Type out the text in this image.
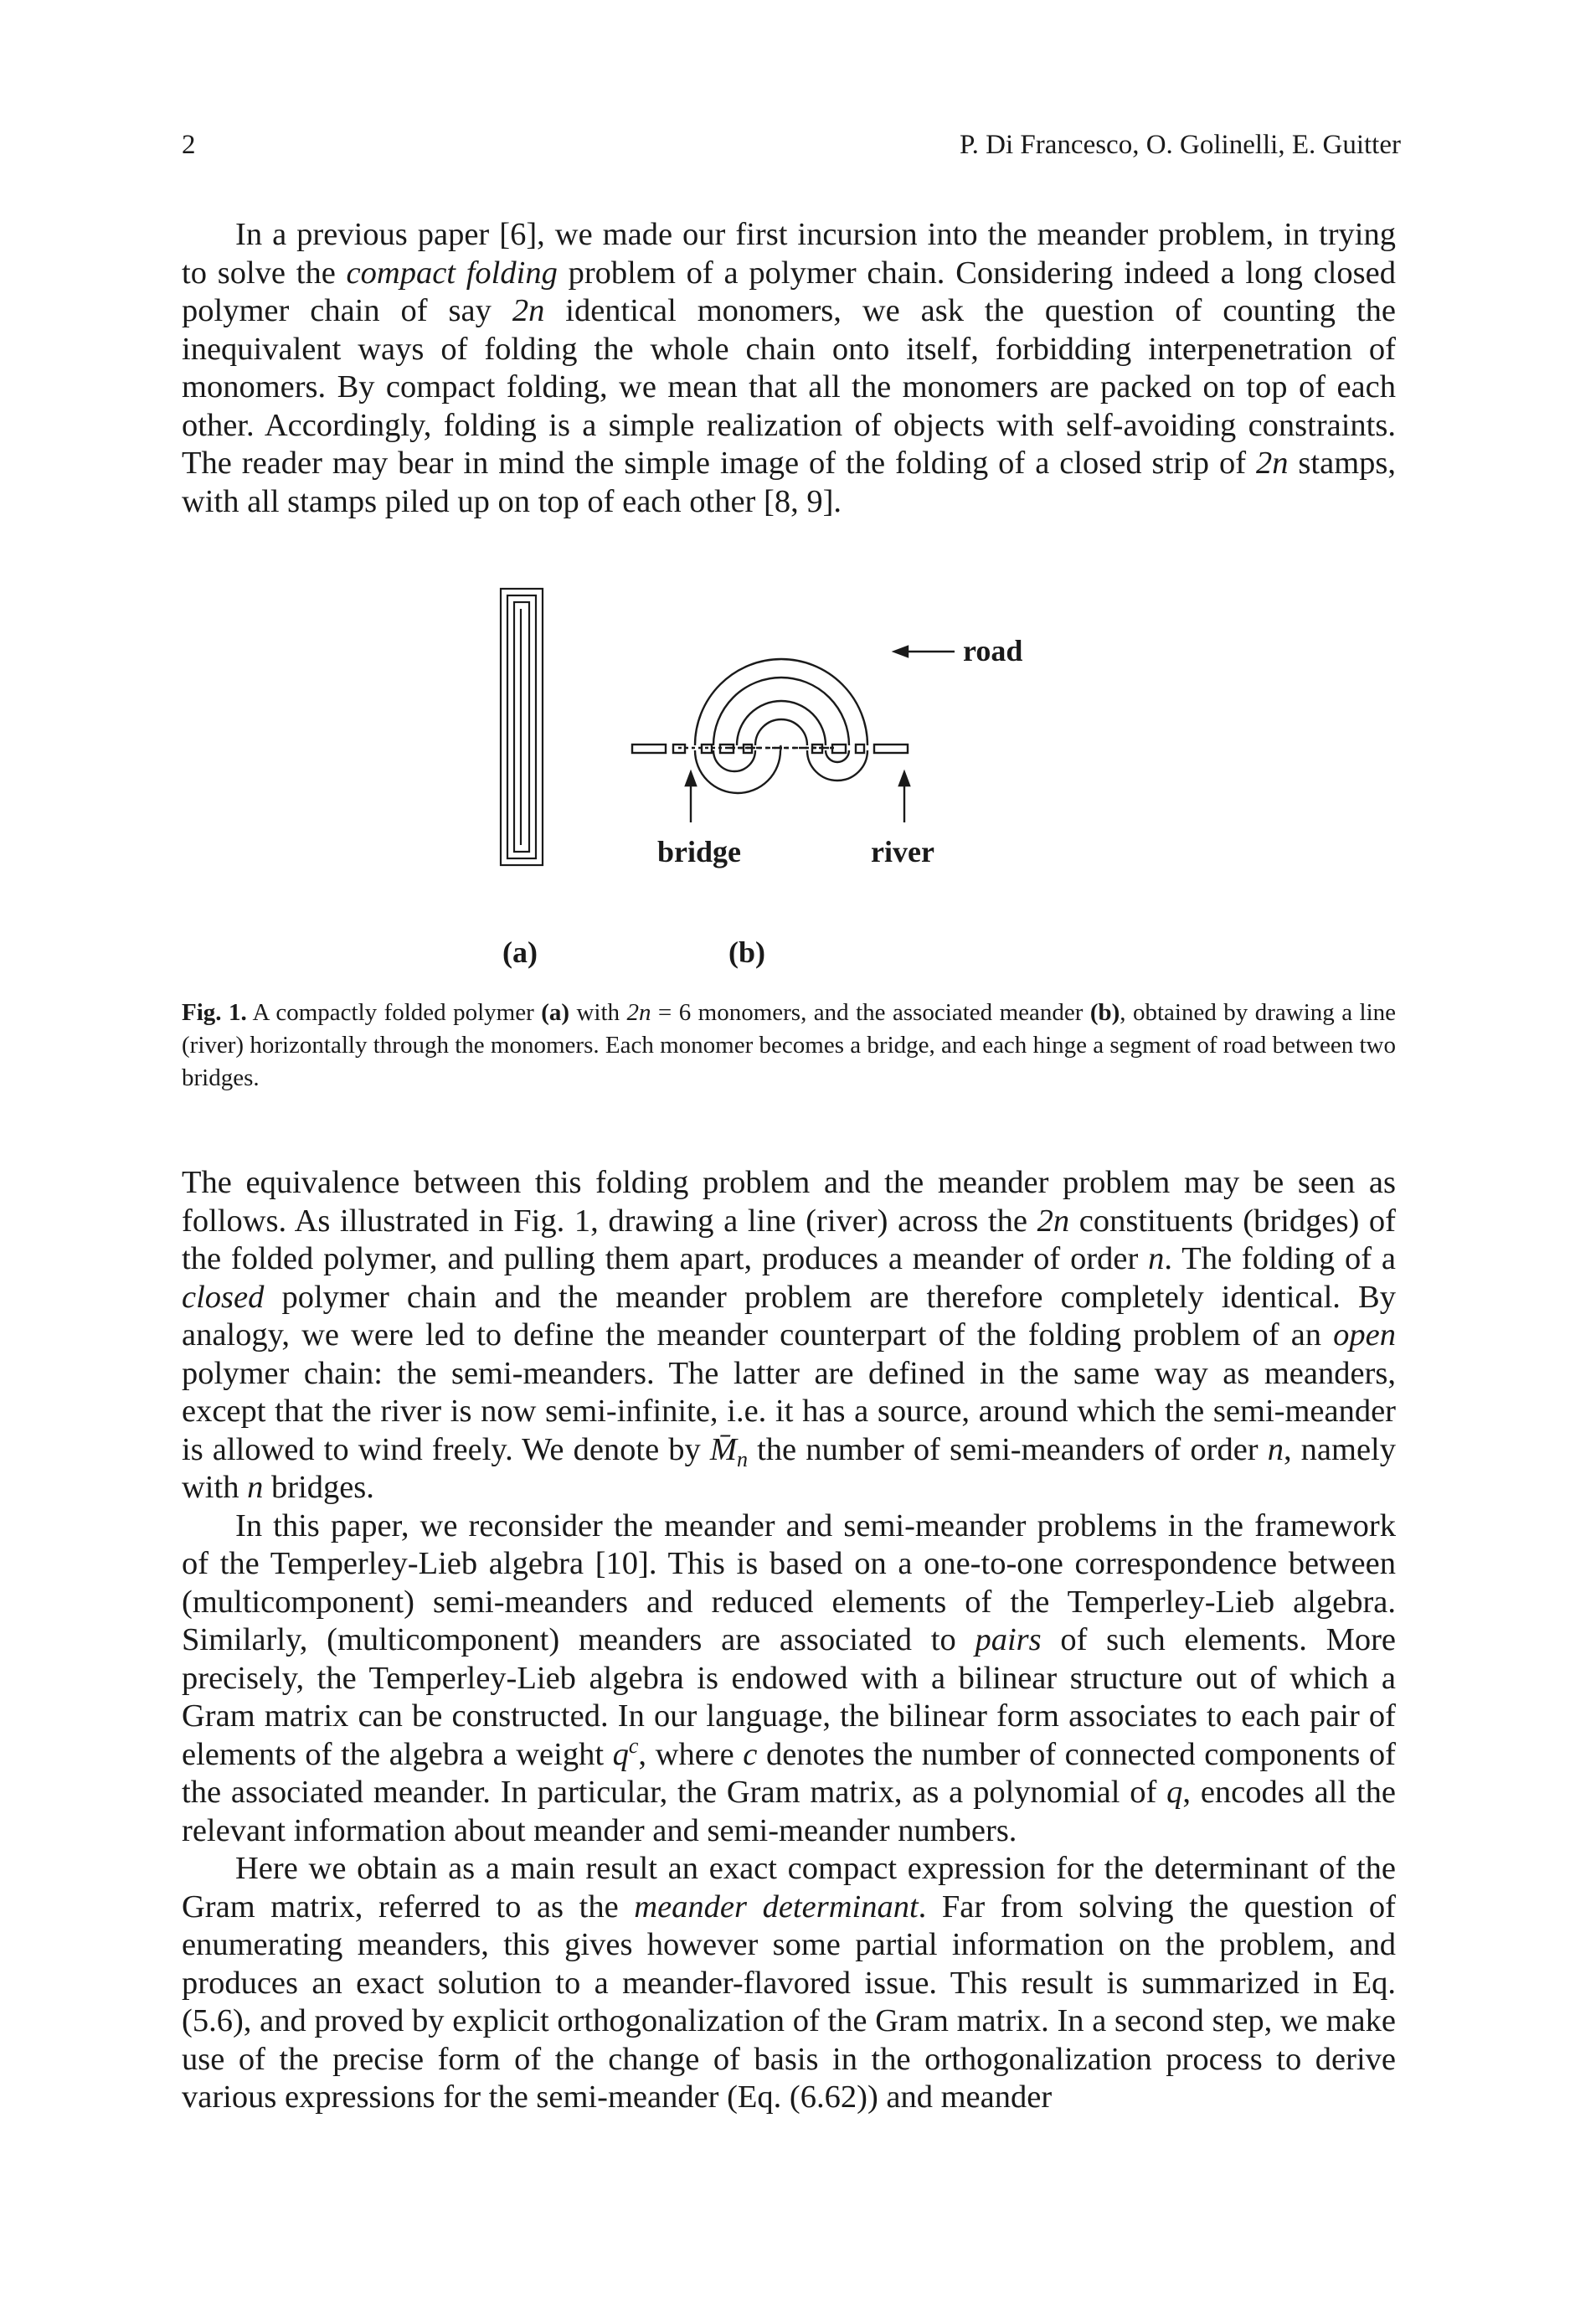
2	P. Di Francesco, O. Golinelli, E. Guitter

In a previous paper [6], we made our first incursion into the meander problem, in trying to solve the compact folding problem of a polymer chain. Considering indeed a long closed polymer chain of say 2n identical monomers, we ask the question of counting the inequivalent ways of folding the whole chain onto itself, forbidding interpenetration of monomers. By compact folding, we mean that all the monomers are packed on top of each other. Accordingly, folding is a simple realization of objects with self-avoiding constraints. The reader may bear in mind the simple image of the folding of a closed strip of 2n stamps, with all stamps piled up on top of each other [8, 9].

road
bridge	river
(a)	(b)

Fig. 1. A compactly folded polymer (a) with 2n = 6 monomers, and the associated meander (b), obtained by drawing a line (river) horizontally through the monomers. Each monomer becomes a bridge, and each hinge a segment of road between two bridges.

The equivalence between this folding problem and the meander problem may be seen as follows. As illustrated in Fig. 1, drawing a line (river) across the 2n constituents (bridges) of the folded polymer, and pulling them apart, produces a meander of order n. The folding of a closed polymer chain and the meander problem are therefore completely identical. By analogy, we were led to define the meander counterpart of the folding problem of an open polymer chain: the semi-meanders. The latter are defined in the same way as meanders, except that the river is now semi-infinite, i.e. it has a source, around which the semi-meander is allowed to wind freely. We denote by $M̄_n$ the number of semi-meanders of order n, namely with n bridges.

In this paper, we reconsider the meander and semi-meander problems in the framework of the Temperley-Lieb algebra [10]. This is based on a one-to-one correspondence between (multicomponent) semi-meanders and reduced elements of the Temperley-Lieb algebra. Similarly, (multicomponent) meanders are associated to pairs of such elements. More precisely, the Temperley-Lieb algebra is endowed with a bilinear structure out of which a Gram matrix can be constructed. In our language, the bilinear form associates to each pair of elements of the algebra a weight $q^c$, where c denotes the number of connected components of the associated meander. In particular, the Gram matrix, as a polynomial of q, encodes all the relevant information about meander and semi-meander numbers.

Here we obtain as a main result an exact compact expression for the determinant of the Gram matrix, referred to as the meander determinant. Far from solving the question of enumerating meanders, this gives however some partial information on the problem, and produces an exact solution to a meander-flavored issue. This result is summarized in Eq. (5.6), and proved by explicit orthogonalization of the Gram matrix. In a second step, we make use of the precise form of the change of basis in the orthogonalization process to derive various expressions for the semi-meander (Eq. (6.62)) and meander
